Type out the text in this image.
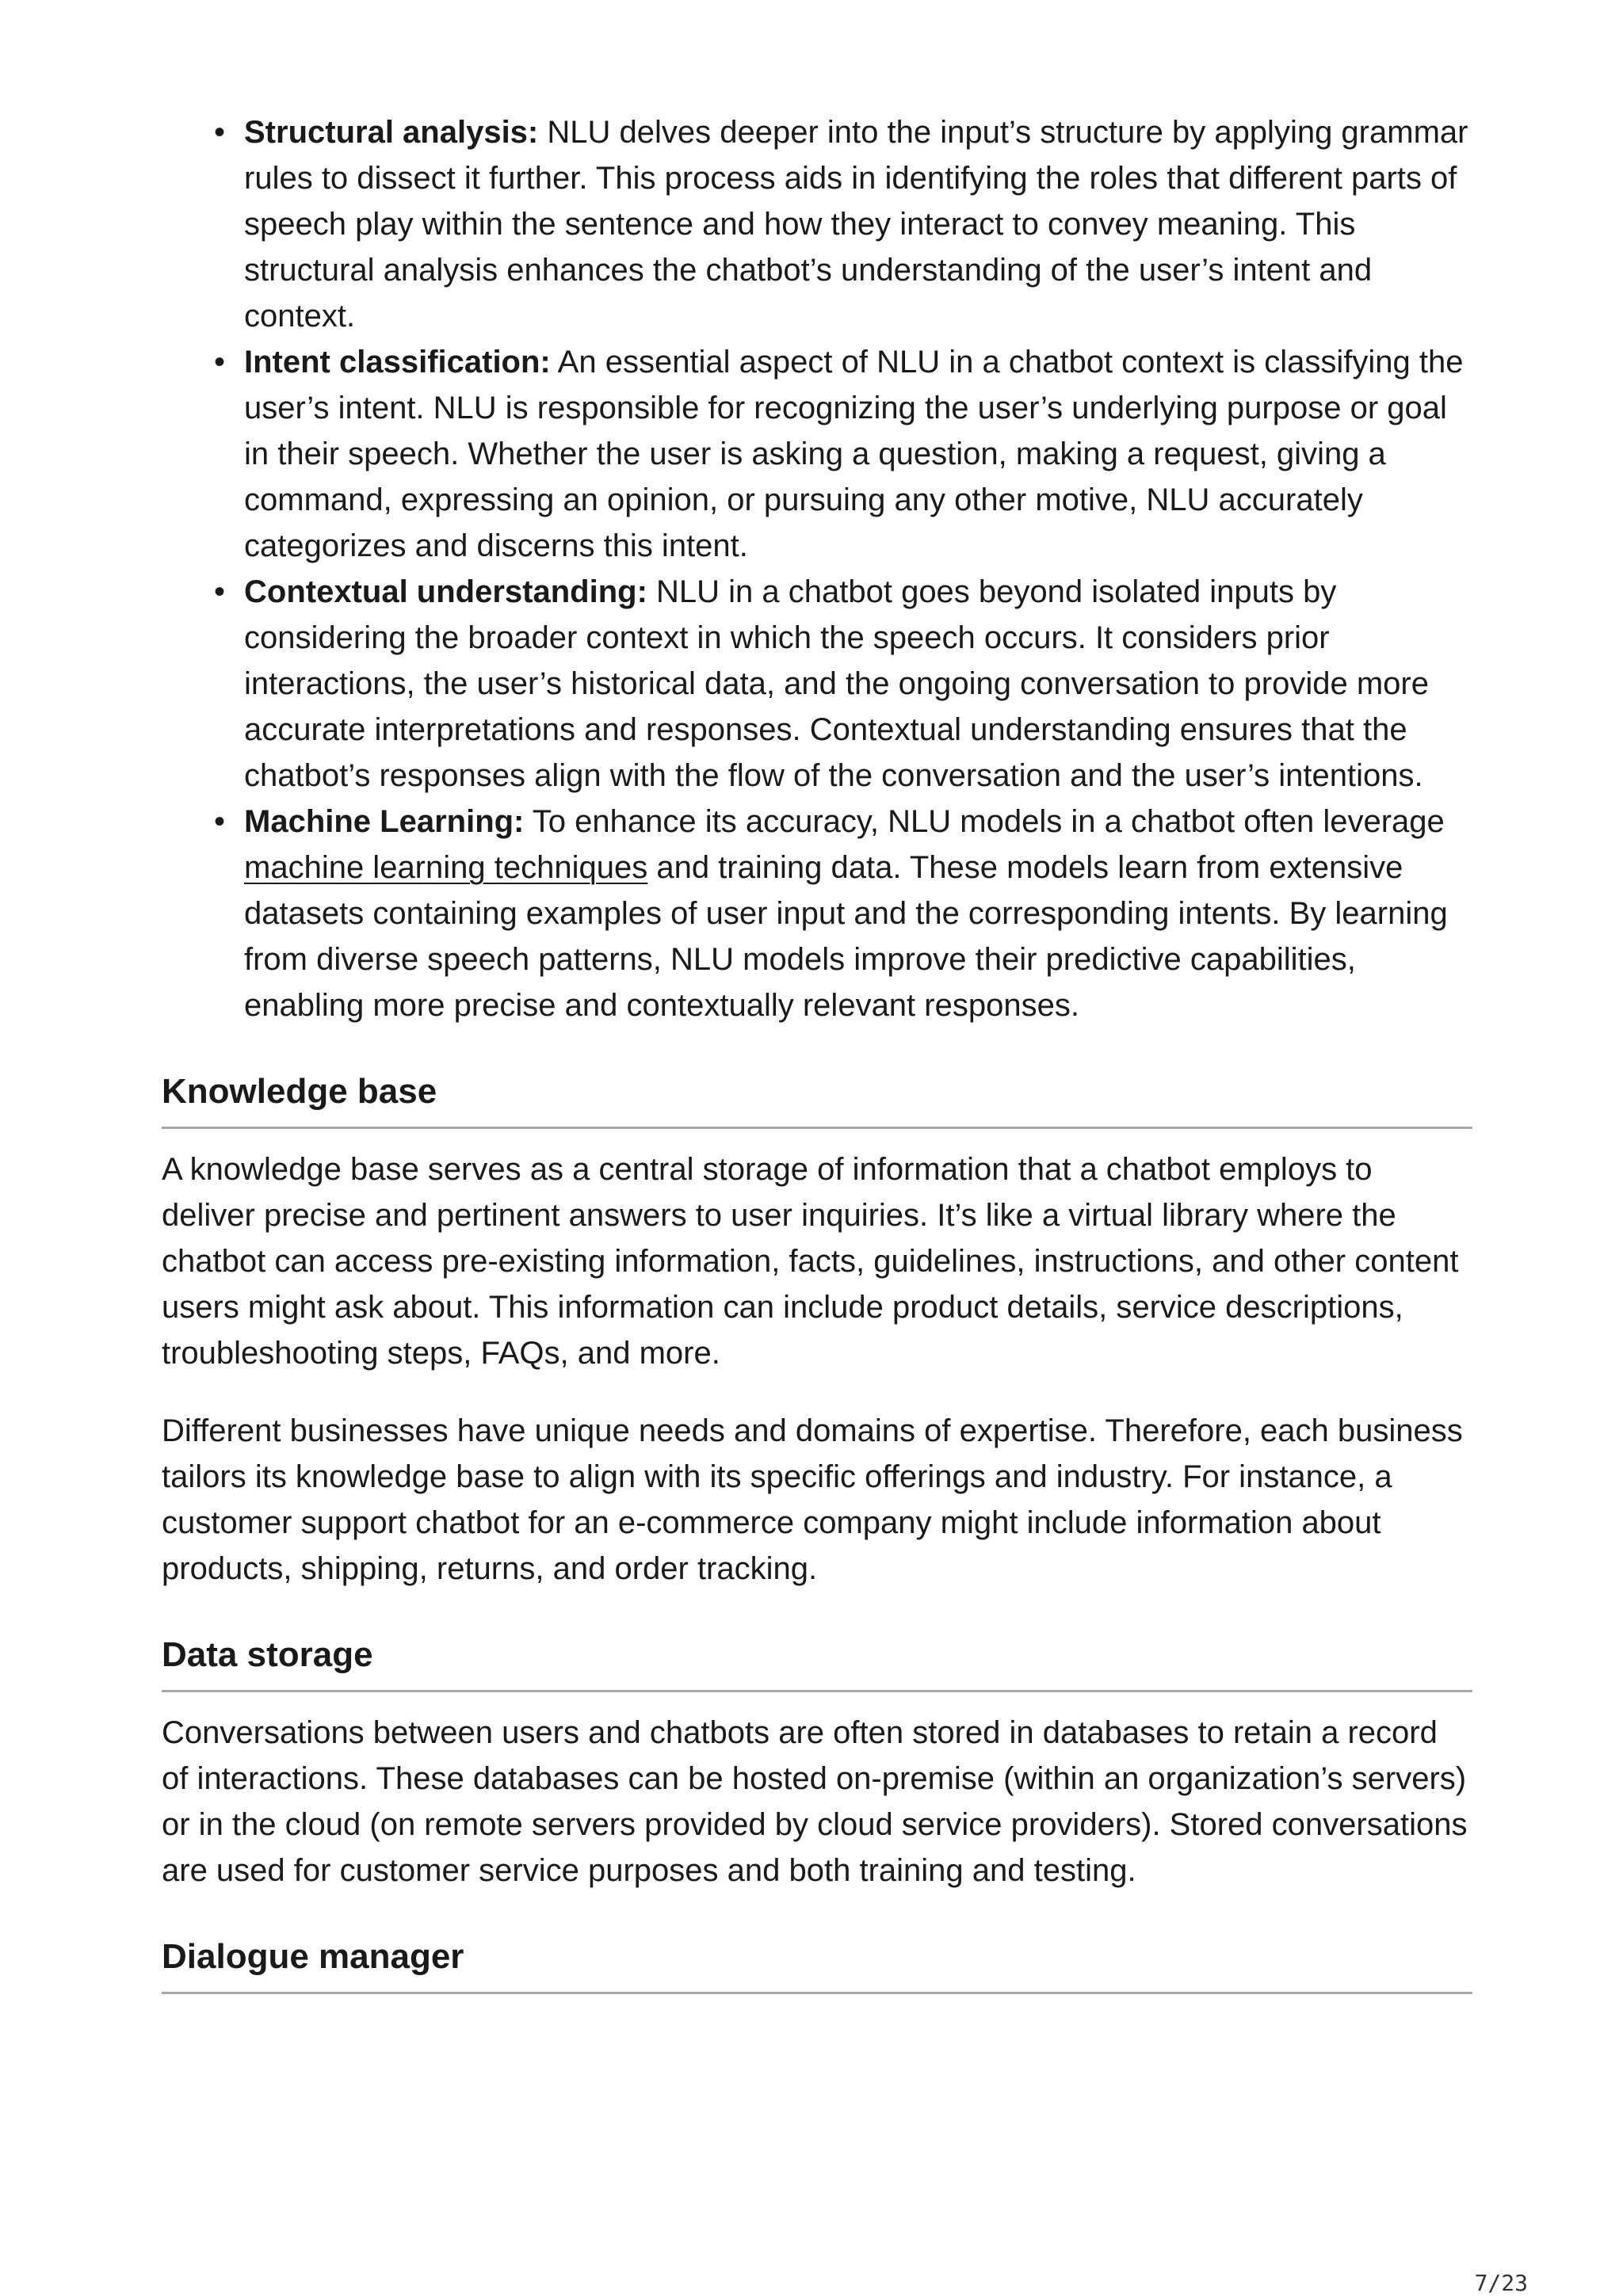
• Structural analysis: NLU delves deeper into the input’s structure by applying grammar rules to dissect it further. This process aids in identifying the roles that different parts of speech play within the sentence and how they interact to convey meaning. This structural analysis enhances the chatbot’s understanding of the user’s intent and context.
• Intent classification: An essential aspect of NLU in a chatbot context is classifying the user’s intent. NLU is responsible for recognizing the user’s underlying purpose or goal in their speech. Whether the user is asking a question, making a request, giving a command, expressing an opinion, or pursuing any other motive, NLU accurately categorizes and discerns this intent.
• Contextual understanding: NLU in a chatbot goes beyond isolated inputs by considering the broader context in which the speech occurs. It considers prior interactions, the user’s historical data, and the ongoing conversation to provide more accurate interpretations and responses. Contextual understanding ensures that the chatbot’s responses align with the flow of the conversation and the user’s intentions.
• Machine Learning: To enhance its accuracy, NLU models in a chatbot often leverage machine learning techniques and training data. These models learn from extensive datasets containing examples of user input and the corresponding intents. By learning from diverse speech patterns, NLU models improve their predictive capabilities, enabling more precise and contextually relevant responses.
Knowledge base

A knowledge base serves as a central storage of information that a chatbot employs to deliver precise and pertinent answers to user inquiries. It’s like a virtual library where the chatbot can access pre-existing information, facts, guidelines, instructions, and other content users might ask about. This information can include product details, service descriptions, troubleshooting steps, FAQs, and more.

Different businesses have unique needs and domains of expertise. Therefore, each business tailors its knowledge base to align with its specific offerings and industry. For instance, a customer support chatbot for an e-commerce company might include information about products, shipping, returns, and order tracking.

Data storage

Conversations between users and chatbots are often stored in databases to retain a record of interactions. These databases can be hosted on-premise (within an organization’s servers) or in the cloud (on remote servers provided by cloud service providers). Stored conversations are used for customer service purposes and both training and testing.

Dialogue manager
7/23
